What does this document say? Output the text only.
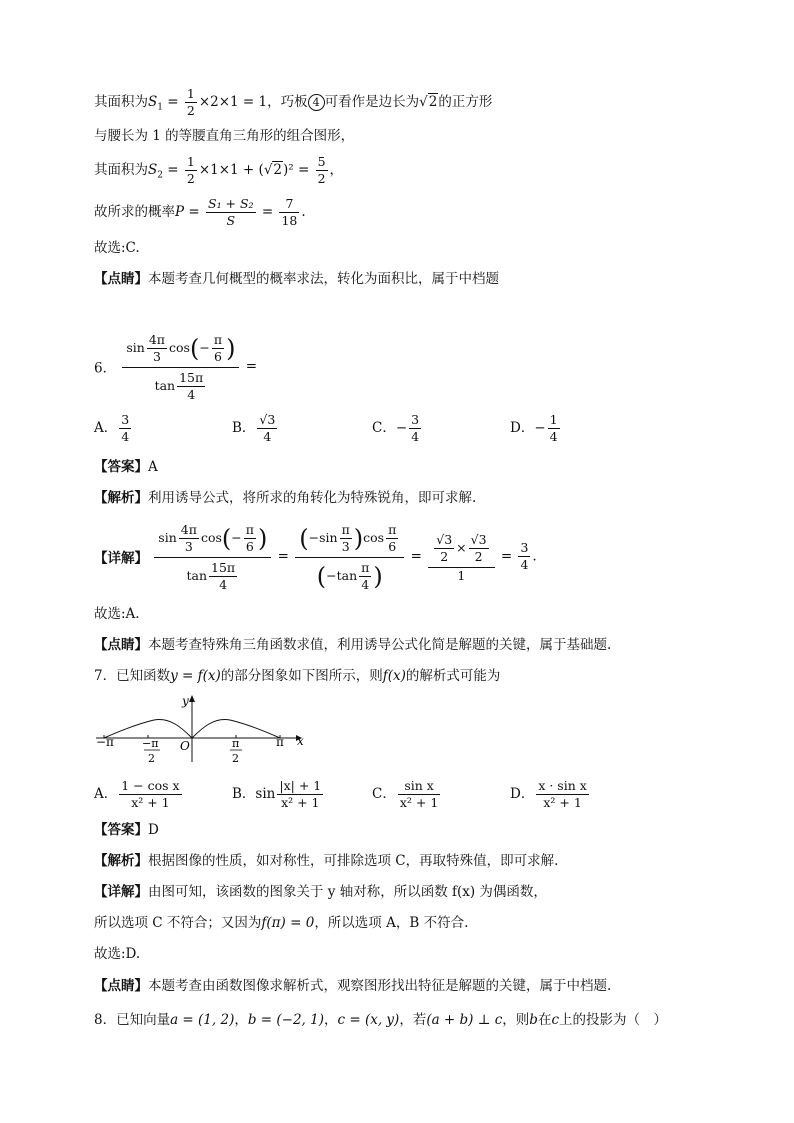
其面积为$S_1 = \frac{1}{2} \times 2\times 1 = 1$，巧板 4 可看作是边长为√2的正方形
与腰长为 1 的等腰直角三角形的组合图形，
其面积为$S_2 = \frac{1}{2} \times 1\times 1 + (√2)^2 = \frac{5}{2}$ ，
故所求的概率$P = \frac{\text{S₁ + S₂}}{S} = \frac{7}{18}$ .
故选:C.
【点睛】本题考查几何概型的概率求法，转化为面积比，属于中档题
6． $\frac{\sin \frac{4\pi}{3} \cos(- \frac{\pi}{6} )}{\tan \frac{15\pi}{4}}$ =
A． $\frac{3}{4}$	B． $\frac{√3}{4}$	C．− $\frac{3}{4}$	D．− $\frac{1}{4}$
【答案】A
【解析】利用诱导公式，将所求的角转化为特殊锐角，即可求解.
【详解】 $\frac{\sin \frac{4\pi}{3} \cos(- \frac{\pi}{6} )}{\tan \frac{15\pi}{4}} = \frac{(-\sin \frac{\pi}{3} )\cos \frac{\pi}{6}}{(-\tan \frac{\pi}{4} )} = \frac{\frac{√3}{2} \times \frac{√3}{2}}{1} = \frac{3}{4}$ .
故选:A.
【点睛】本题考查特殊角三角函数求值，利用诱导公式化简是解题的关键，属于基础题.
7．已知函数y = f(x)的部分图象如下图所示，则f(x)的解析式可能为
y
x
O
−π	−π
2
π
2
π
A． $\frac{\text{1 − cos x}}{\text{x² + 1}}$	B．$\sin \frac{|x| + 1}{\text{x² + 1}}$	C． $\frac{\text{sin x}}{\text{x² + 1}}$	D． $\frac{\text{x · sin x}}{\text{x² + 1}}$
【答案】D
【解析】根据图像的性质，如对称性，可排除选项 C，再取特殊值，即可求解.
【详解】由图可知，该函数的图象关于 y 轴对称，所以函数 f(x) 为偶函数，
所以选项 C 不符合；又因为f(π) = 0，所以选项 A，B 不符合.
故选:D.
【点睛】本题考查由函数图像求解析式，观察图形找出特征是解题的关键，属于中档题.
8．已知向量a = (1, 2)，b = (−2, 1)，c = (x, y)，若(a + b) ⊥ c，则b在c上的投影为（　）
